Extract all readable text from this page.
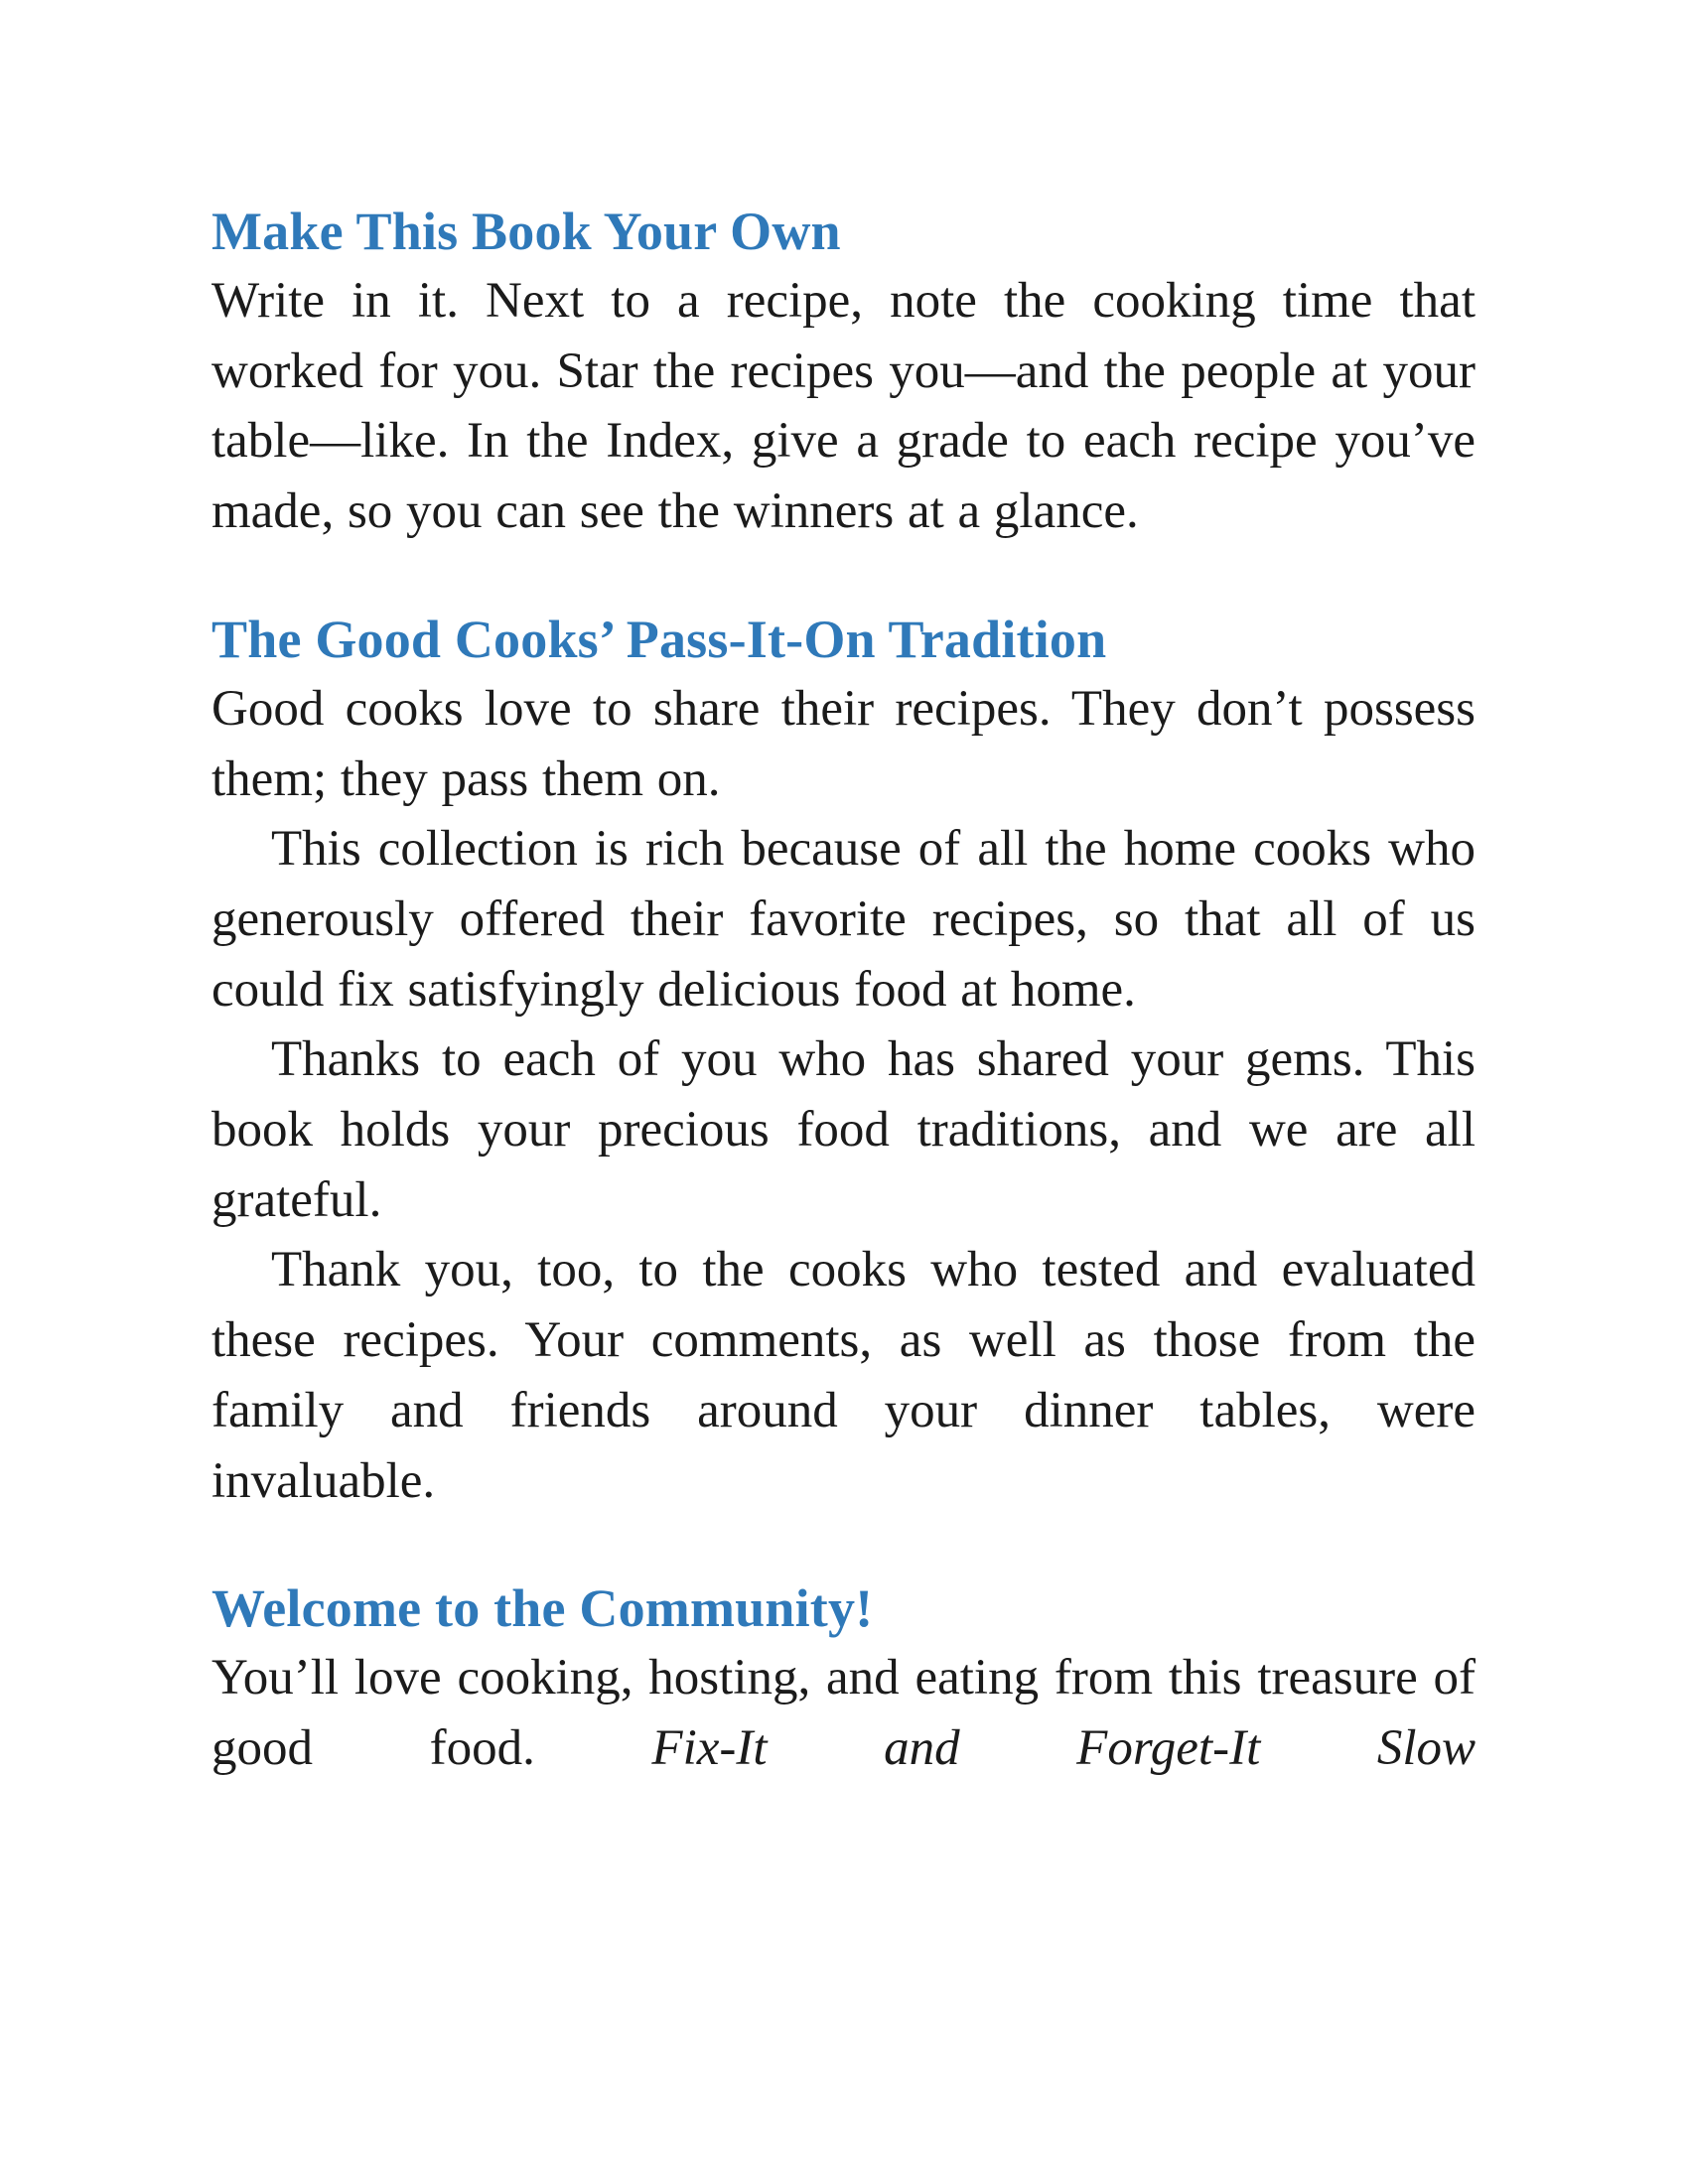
Make This Book Your Own

Write in it. Next to a recipe, note the cooking time that worked for you. Star the recipes you—and the people at your table—like. In the Index, give a grade to each recipe you’ve made, so you can see the winners at a glance.

The Good Cooks’ Pass-It-On Tradition

Good cooks love to share their recipes. They don’t possess them; they pass them on.

This collection is rich because of all the home cooks who generously offered their favorite recipes, so that all of us could fix satisfyingly delicious food at home.

Thanks to each of you who has shared your gems. This book holds your precious food traditions, and we are all grateful.

Thank you, too, to the cooks who tested and evaluated these recipes. Your comments, as well as those from the family and friends around your dinner tables, were invaluable.

Welcome to the Community!

You’ll love cooking, hosting, and eating from this treasure of good food. Fix-It and Forget-It Slow
